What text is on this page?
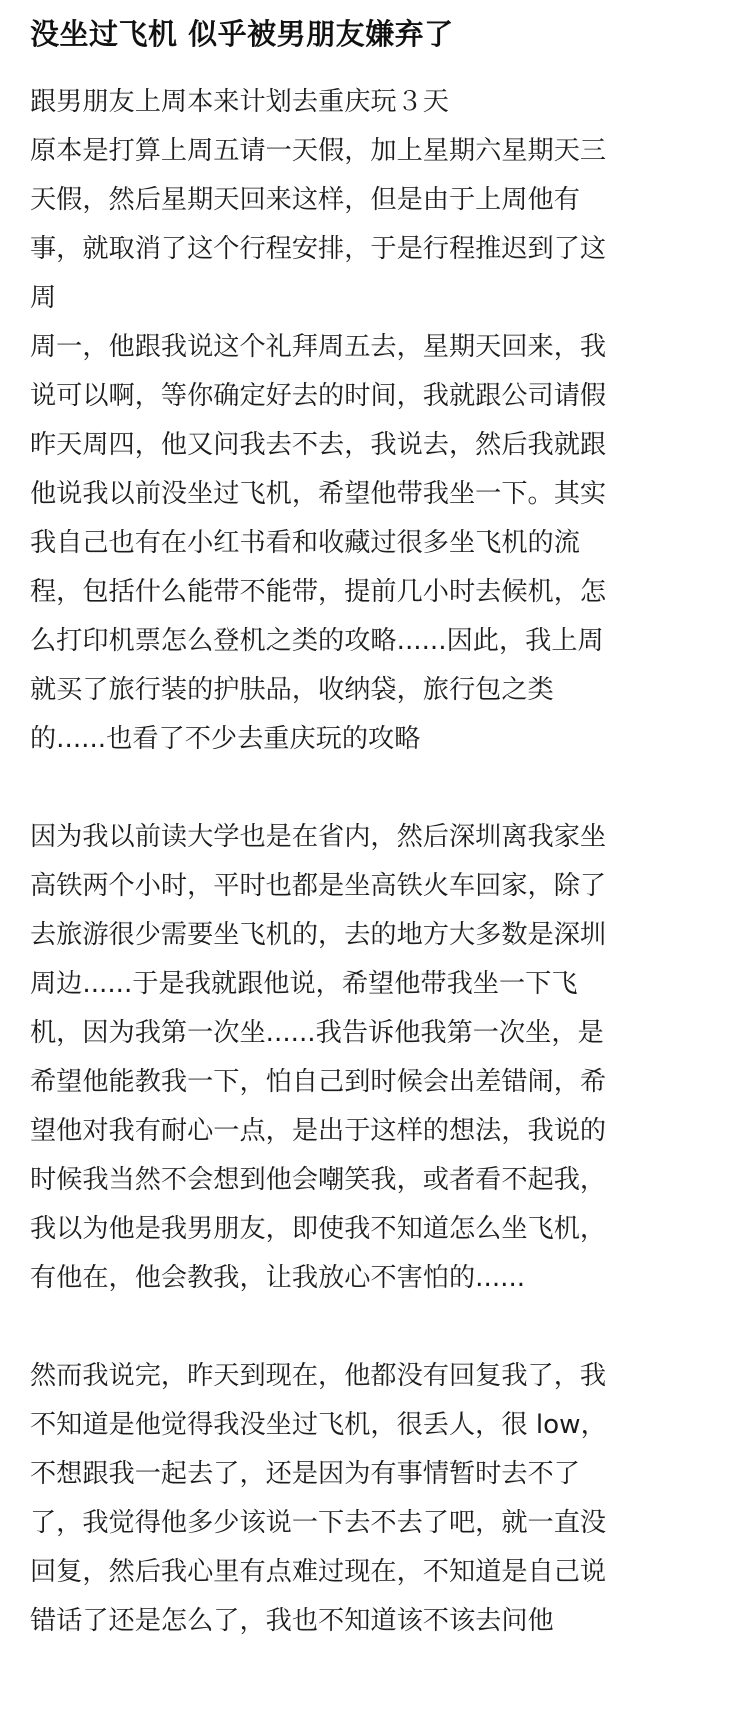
没坐过飞机 似乎被男朋友嫌弃了

跟男朋友上周本来计划去重庆玩３天
原本是打算上周五请一天假，加上星期六星期天三
天假，然后星期天回来这样，但是由于上周他有
事，就取消了这个行程安排，于是行程推迟到了这
周
周一，他跟我说这个礼拜周五去，星期天回来，我
说可以啊，等你确定好去的时间，我就跟公司请假
昨天周四，他又问我去不去，我说去，然后我就跟
他说我以前没坐过飞机，希望他带我坐一下。其实
我自己也有在小红书看和收藏过很多坐飞机的流
程，包括什么能带不能带，提前几小时去候机，怎
么打印机票怎么登机之类的攻略......因此，我上周
就买了旅行装的护肤品，收纳袋，旅行包之类
的......也看了不少去重庆玩的攻略

因为我以前读大学也是在省内，然后深圳离我家坐
高铁两个小时，平时也都是坐高铁火车回家，除了
去旅游很少需要坐飞机的，去的地方大多数是深圳
周边......于是我就跟他说，希望他带我坐一下飞
机，因为我第一次坐......我告诉他我第一次坐，是
希望他能教我一下，怕自己到时候会出差错闹，希
望他对我有耐心一点，是出于这样的想法，我说的
时候我当然不会想到他会嘲笑我，或者看不起我，
我以为他是我男朋友，即使我不知道怎么坐飞机，
有他在，他会教我，让我放心不害怕的......

然而我说完，昨天到现在，他都没有回复我了，我
不知道是他觉得我没坐过飞机，很丢人，很 low，
不想跟我一起去了，还是因为有事情暂时去不了
了，我觉得他多少该说一下去不去了吧，就一直没
回复，然后我心里有点难过现在，不知道是自己说
错话了还是怎么了，我也不知道该不该去问他
